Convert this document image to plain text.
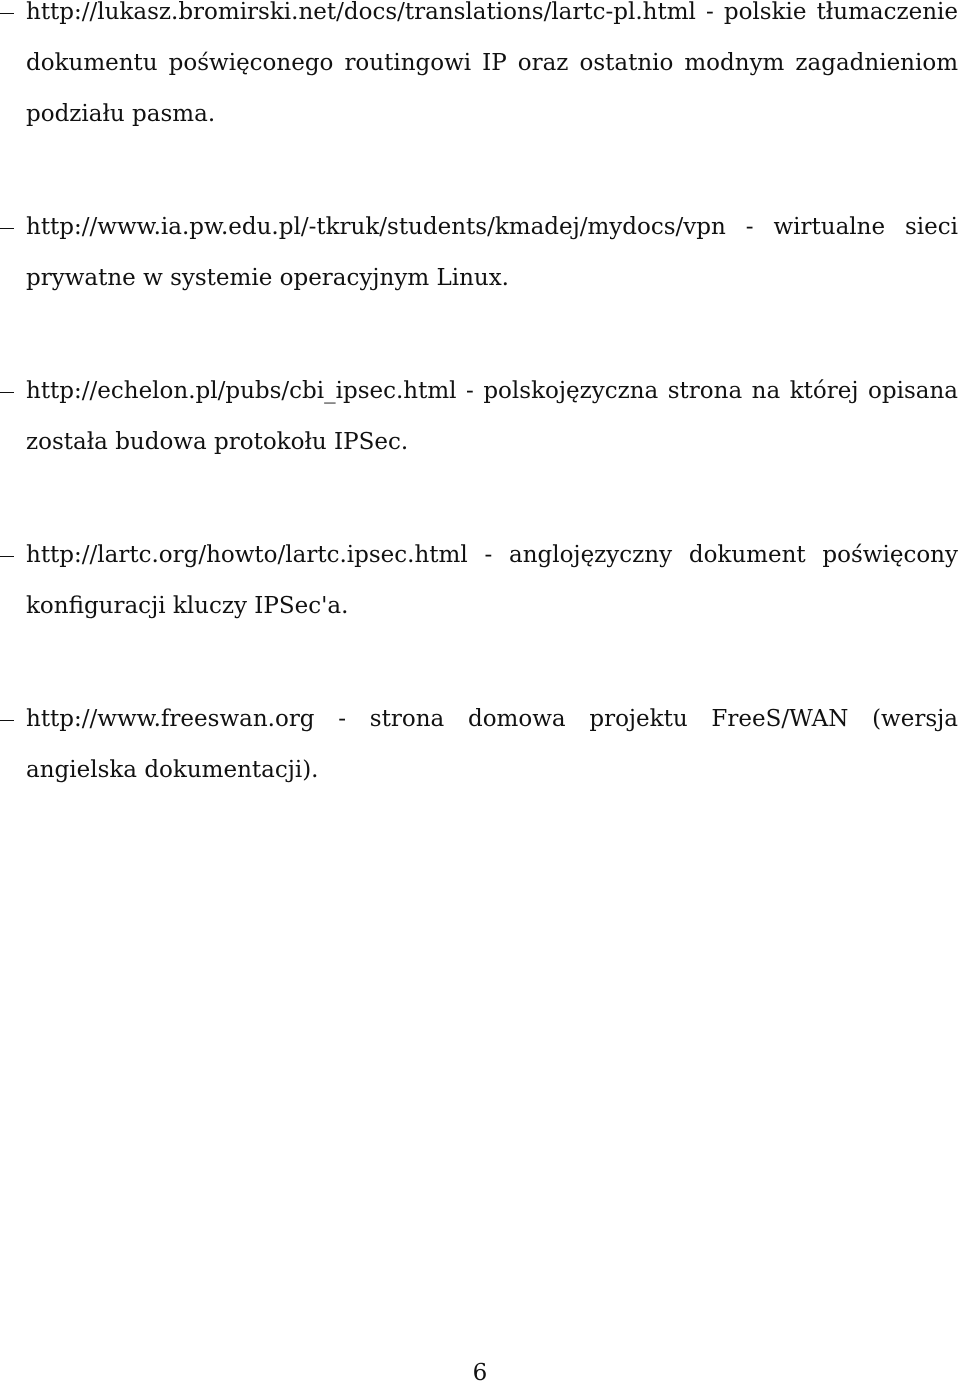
http://lukasz.bromirski.net/docs/translations/lartc-pl.html - polskie tłumaczenie dokumentu poświęconego routingowi IP oraz ostatnio modnym zagadnieniom podziału pasma.
http://www.ia.pw.edu.pl/-tkruk/students/kmadej/mydocs/vpn - wirtualne sieci prywatne w systemie operacyjnym Linux.
http://echelon.pl/pubs/cbi_ipsec.html - polskojęzyczna strona na której opisana została budowa protokołu IPSec.
http://lartc.org/howto/lartc.ipsec.html - anglojęzyczny dokument poświęcony konfiguracji kluczy IPSec'a.
http://www.freeswan.org - strona domowa projektu FreeS/WAN (wersja angielska dokumentacji).
6
